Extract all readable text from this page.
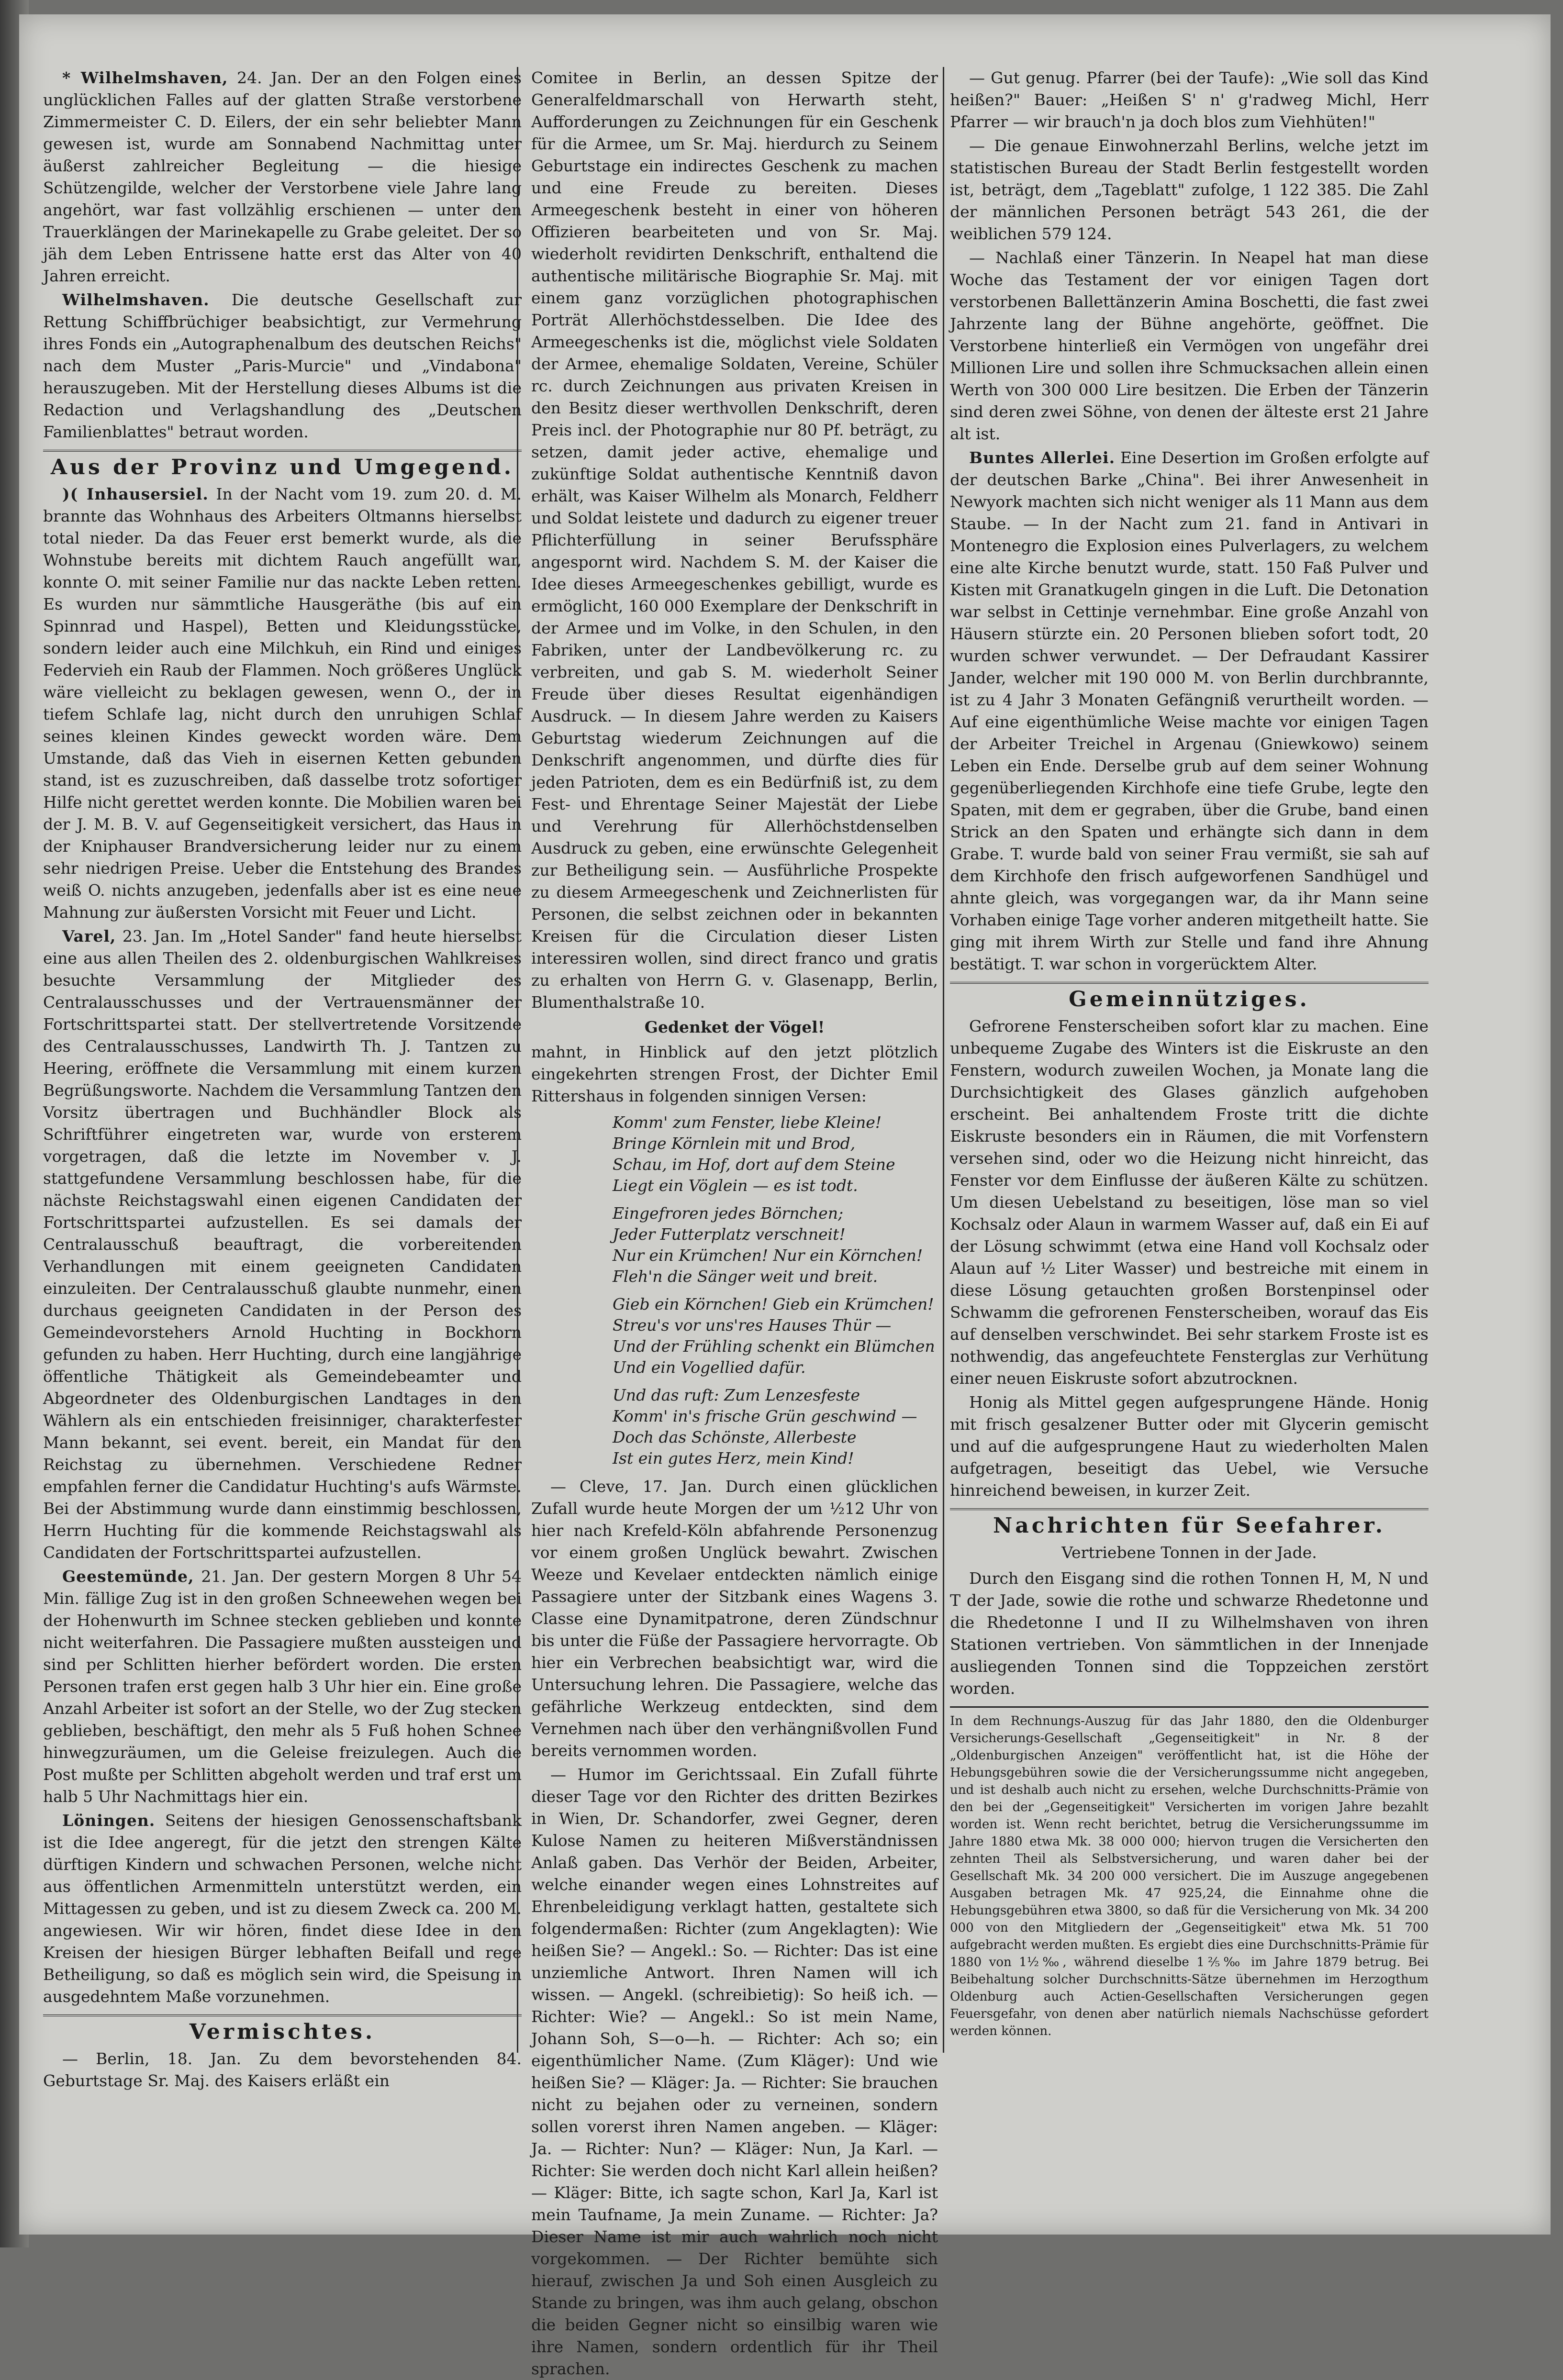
* Wilhelmshaven, 24. Jan. Der an den Folgen eines unglücklichen Falles auf der glatten Straße verstorbene Zimmermeister C. D. Eilers, der ein sehr beliebter Mann gewesen ist, wurde am Sonnabend Nachmittag unter äußerst zahlreicher Begleitung — die hiesige Schützengilde, welcher der Verstorbene viele Jahre lang angehört, war fast vollzählig erschienen — unter den Trauerklängen der Marinekapelle zu Grabe geleitet. Der so jäh dem Leben Entrissene hatte erst das Alter von 40 Jahren erreicht.

Wilhelmshaven. Die deutsche Gesellschaft zur Rettung Schiffbrüchiger beabsichtigt, zur Vermehrung ihres Fonds ein „Autographenalbum des deutschen Reichs" nach dem Muster „Paris-Murcie" und „Vindabona" herauszugeben. Mit der Herstellung dieses Albums ist die Redaction und Verlagshandlung des „Deutschen Familienblattes" betraut worden.

Aus der Provinz und Umgegend.

)( Inhausersiel. In der Nacht vom 19. zum 20. d. M. brannte das Wohnhaus des Arbeiters Oltmanns hierselbst total nieder. Da das Feuer erst bemerkt wurde, als die Wohnstube bereits mit dichtem Rauch angefüllt war, konnte O. mit seiner Familie nur das nackte Leben retten. Es wurden nur sämmtliche Hausgeräthe (bis auf ein Spinnrad und Haspel), Betten und Kleidungsstücke, sondern leider auch eine Milchkuh, ein Rind und einiges Federvieh ein Raub der Flammen. Noch größeres Unglück wäre vielleicht zu beklagen gewesen, wenn O., der in tiefem Schlafe lag, nicht durch den unruhigen Schlaf seines kleinen Kindes geweckt worden wäre. Dem Umstande, daß das Vieh in eisernen Ketten gebunden stand, ist es zuzuschreiben, daß dasselbe trotz sofortiger Hilfe nicht gerettet werden konnte. Die Mobilien waren bei der J. M. B. V. auf Gegenseitigkeit versichert, das Haus in der Kniphauser Brandversicherung leider nur zu einem sehr niedrigen Preise. Ueber die Entstehung des Brandes weiß O. nichts anzugeben, jedenfalls aber ist es eine neue Mahnung zur äußersten Vorsicht mit Feuer und Licht.

Varel, 23. Jan. Im „Hotel Sander" fand heute hierselbst eine aus allen Theilen des 2. oldenburgischen Wahlkreises besuchte Versammlung der Mitglieder des Centralausschusses und der Vertrauensmänner der Fortschrittspartei statt. Der stellvertretende Vorsitzende des Centralausschusses, Landwirth Th. J. Tantzen zu Heering, eröffnete die Versammlung mit einem kurzen Begrüßungsworte. Nachdem die Versammlung Tantzen den Vorsitz übertragen und Buchhändler Block als Schriftführer eingetreten war, wurde von ersterem vorgetragen, daß die letzte im November v. J. stattgefundene Versammlung beschlossen habe, für die nächste Reichstagswahl einen eigenen Candidaten der Fortschrittspartei aufzustellen. Es sei damals der Centralausschuß beauftragt, die vorbereitenden Verhandlungen mit einem geeigneten Candidaten einzuleiten. Der Centralausschuß glaubte nunmehr, einen durchaus geeigneten Candidaten in der Person des Gemeindevorstehers Arnold Huchting in Bockhorn gefunden zu haben. Herr Huchting, durch eine langjährige öffentliche Thätigkeit als Gemeindebeamter und Abgeordneter des Oldenburgischen Landtages in den Wählern als ein entschieden freisinniger, charakterfester Mann bekannt, sei event. bereit, ein Mandat für den Reichstag zu übernehmen. Verschiedene Redner empfahlen ferner die Candidatur Huchting's aufs Wärmste. Bei der Abstimmung wurde dann einstimmig beschlossen, Herrn Huchting für die kommende Reichstagswahl als Candidaten der Fortschrittspartei aufzustellen.

Geestemünde, 21. Jan. Der gestern Morgen 8 Uhr 54 Min. fällige Zug ist in den großen Schneewehen wegen bei der Hohenwurth im Schnee stecken geblieben und konnte nicht weiterfahren. Die Passagiere mußten aussteigen und sind per Schlitten hierher befördert worden. Die ersten Personen trafen erst gegen halb 3 Uhr hier ein. Eine große Anzahl Arbeiter ist sofort an der Stelle, wo der Zug stecken geblieben, beschäftigt, den mehr als 5 Fuß hohen Schnee hinwegzuräumen, um die Geleise freizulegen. Auch die Post mußte per Schlitten abgeholt werden und traf erst um halb 5 Uhr Nachmittags hier ein.

Löningen. Seitens der hiesigen Genossenschaftsbank ist die Idee angeregt, für die jetzt den strengen Kälte dürftigen Kindern und schwachen Personen, welche nicht aus öffentlichen Armenmitteln unterstützt werden, ein Mittagessen zu geben, und ist zu diesem Zweck ca. 200 M. angewiesen. Wir wir hören, findet diese Idee in den Kreisen der hiesigen Bürger lebhaften Beifall und rege Betheiligung, so daß es möglich sein wird, die Speisung in ausgedehntem Maße vorzunehmen.

Vermischtes.

— Berlin, 18. Jan. Zu dem bevorstehenden 84. Geburtstage Sr. Maj. des Kaisers erläßt ein

Comitee in Berlin, an dessen Spitze der Generalfeldmarschall von Herwarth steht, Aufforderungen zu Zeichnungen für ein Geschenk für die Armee, um Sr. Maj. hierdurch zu Seinem Geburtstage ein indirectes Geschenk zu machen und eine Freude zu bereiten. Dieses Armeegeschenk besteht in einer von höheren Offizieren bearbeiteten und von Sr. Maj. wiederholt revidirten Denkschrift, enthaltend die authentische militärische Biographie Sr. Maj. mit einem ganz vorzüglichen photographischen Porträt Allerhöchstdesselben. Die Idee des Armeegeschenks ist die, möglichst viele Soldaten der Armee, ehemalige Soldaten, Vereine, Schüler rc. durch Zeichnungen aus privaten Kreisen in den Besitz dieser werthvollen Denkschrift, deren Preis incl. der Photographie nur 80 Pf. beträgt, zu setzen, damit jeder active, ehemalige und zukünftige Soldat authentische Kenntniß davon erhält, was Kaiser Wilhelm als Monarch, Feldherr und Soldat leistete und dadurch zu eigener treuer Pflichterfüllung in seiner Berufssphäre angespornt wird. Nachdem S. M. der Kaiser die Idee dieses Armeegeschenkes gebilligt, wurde es ermöglicht, 160 000 Exemplare der Denkschrift in der Armee und im Volke, in den Schulen, in den Fabriken, unter der Landbevölkerung rc. zu verbreiten, und gab S. M. wiederholt Seiner Freude über dieses Resultat eigenhändigen Ausdruck. — In diesem Jahre werden zu Kaisers Geburtstag wiederum Zeichnungen auf die Denkschrift angenommen, und dürfte dies für jeden Patrioten, dem es ein Bedürfniß ist, zu dem Fest- und Ehrentage Seiner Majestät der Liebe und Verehrung für Allerhöchstdenselben Ausdruck zu geben, eine erwünschte Gelegenheit zur Betheiligung sein. — Ausführliche Prospekte zu diesem Armeegeschenk und Zeichnerlisten für Personen, die selbst zeichnen oder in bekannten Kreisen für die Circulation dieser Listen interessiren wollen, sind direct franco und gratis zu erhalten von Herrn G. v. Glasenapp, Berlin, Blumenthalstraße 10.

Gedenket der Vögel!

mahnt, in Hinblick auf den jetzt plötzlich eingekehrten strengen Frost, der Dichter Emil Rittershaus in folgenden sinnigen Versen:

Komm' zum Fenster, liebe Kleine!
Bringe Körnlein mit und Brod,
Schau, im Hof, dort auf dem Steine
Liegt ein Vöglein — es ist todt.
Eingefroren jedes Börnchen;
Jeder Futterplatz verschneit!
Nur ein Krümchen! Nur ein Körnchen!
Fleh'n die Sänger weit und breit.
Gieb ein Körnchen! Gieb ein Krümchen!
Streu's vor uns'res Hauses Thür —
Und der Frühling schenkt ein Blümchen
Und ein Vogellied dafür.
Und das ruft: Zum Lenzesfeste
Komm' in's frische Grün geschwind —
Doch das Schönste, Allerbeste
Ist ein gutes Herz, mein Kind!

— Cleve, 17. Jan. Durch einen glücklichen Zufall wurde heute Morgen der um ½12 Uhr von hier nach Krefeld-Köln abfahrende Personenzug vor einem großen Unglück bewahrt. Zwischen Weeze und Kevelaer entdeckten nämlich einige Passagiere unter der Sitzbank eines Wagens 3. Classe eine Dynamitpatrone, deren Zündschnur bis unter die Füße der Passagiere hervorragte. Ob hier ein Verbrechen beabsichtigt war, wird die Untersuchung lehren. Die Passagiere, welche das gefährliche Werkzeug entdeckten, sind dem Vernehmen nach über den verhängnißvollen Fund bereits vernommen worden.

— Humor im Gerichtssaal. Ein Zufall führte dieser Tage vor den Richter des dritten Bezirkes in Wien, Dr. Schandorfer, zwei Gegner, deren Kulose Namen zu heiteren Mißverständnissen Anlaß gaben. Das Verhör der Beiden, Arbeiter, welche einander wegen eines Lohnstreites auf Ehrenbeleidigung verklagt hatten, gestaltete sich folgendermaßen: Richter (zum Angeklagten): Wie heißen Sie? — Angekl.: So. — Richter: Das ist eine unziemliche Antwort. Ihren Namen will ich wissen. — Angekl. (schreibietig): So heiß ich. — Richter: Wie? — Angekl.: So ist mein Name, Johann Soh, S—o—h. — Richter: Ach so; ein eigenthümlicher Name. (Zum Kläger): Und wie heißen Sie? — Kläger: Ja. — Richter: Sie brauchen nicht zu bejahen oder zu verneinen, sondern sollen vorerst ihren Namen angeben. — Kläger: Ja. — Richter: Nun? — Kläger: Nun, Ja Karl. — Richter: Sie werden doch nicht Karl allein heißen? — Kläger: Bitte, ich sagte schon, Karl Ja, Karl ist mein Taufname, Ja mein Zuname. — Richter: Ja? Dieser Name ist mir auch wahrlich noch nicht vorgekommen. — Der Richter bemühte sich hierauf, zwischen Ja und Soh einen Ausgleich zu Stande zu bringen, was ihm auch gelang, obschon die beiden Gegner nicht so einsilbig waren wie ihre Namen, sondern ordentlich für ihr Theil sprachen.

— Gut genug. Pfarrer (bei der Taufe): „Wie soll das Kind heißen?" Bauer: „Heißen S' n' g'radweg Michl, Herr Pfarrer — wir brauch'n ja doch blos zum Viehhüten!"

— Die genaue Einwohnerzahl Berlins, welche jetzt im statistischen Bureau der Stadt Berlin festgestellt worden ist, beträgt, dem „Tageblatt" zufolge, 1 122 385. Die Zahl der männlichen Personen beträgt 543 261, die der weiblichen 579 124.

— Nachlaß einer Tänzerin. In Neapel hat man diese Woche das Testament der vor einigen Tagen dort verstorbenen Ballettänzerin Amina Boschetti, die fast zwei Jahrzente lang der Bühne angehörte, geöffnet. Die Verstorbene hinterließ ein Vermögen von ungefähr drei Millionen Lire und sollen ihre Schmucksachen allein einen Werth von 300 000 Lire besitzen. Die Erben der Tänzerin sind deren zwei Söhne, von denen der älteste erst 21 Jahre alt ist.

Buntes Allerlei. Eine Desertion im Großen erfolgte auf der deutschen Barke „China". Bei ihrer Anwesenheit in Newyork machten sich nicht weniger als 11 Mann aus dem Staube. — In der Nacht zum 21. fand in Antivari in Montenegro die Explosion eines Pulverlagers, zu welchem eine alte Kirche benutzt wurde, statt. 150 Faß Pulver und Kisten mit Granatkugeln gingen in die Luft. Die Detonation war selbst in Cettinje vernehmbar. Eine große Anzahl von Häusern stürzte ein. 20 Personen blieben sofort todt, 20 wurden schwer verwundet. — Der Defraudant Kassirer Jander, welcher mit 190 000 M. von Berlin durchbrannte, ist zu 4 Jahr 3 Monaten Gefängniß verurtheilt worden. — Auf eine eigenthümliche Weise machte vor einigen Tagen der Arbeiter Treichel in Argenau (Gniewkowo) seinem Leben ein Ende. Derselbe grub auf dem seiner Wohnung gegenüberliegenden Kirchhofe eine tiefe Grube, legte den Spaten, mit dem er gegraben, über die Grube, band einen Strick an den Spaten und erhängte sich dann in dem Grabe. T. wurde bald von seiner Frau vermißt, sie sah auf dem Kirchhofe den frisch aufgeworfenen Sandhügel und ahnte gleich, was vorgegangen war, da ihr Mann seine Vorhaben einige Tage vorher anderen mitgetheilt hatte. Sie ging mit ihrem Wirth zur Stelle und fand ihre Ahnung bestätigt. T. war schon in vorgerücktem Alter.

Gemeinnütziges.

Gefrorene Fensterscheiben sofort klar zu machen. Eine unbequeme Zugabe des Winters ist die Eiskruste an den Fenstern, wodurch zuweilen Wochen, ja Monate lang die Durchsichtigkeit des Glases gänzlich aufgehoben erscheint. Bei anhaltendem Froste tritt die dichte Eiskruste besonders ein in Räumen, die mit Vorfenstern versehen sind, oder wo die Heizung nicht hinreicht, das Fenster vor dem Einflusse der äußeren Kälte zu schützen. Um diesen Uebelstand zu beseitigen, löse man so viel Kochsalz oder Alaun in warmem Wasser auf, daß ein Ei auf der Lösung schwimmt (etwa eine Hand voll Kochsalz oder Alaun auf ½ Liter Wasser) und bestreiche mit einem in diese Lösung getauchten großen Borstenpinsel oder Schwamm die gefrorenen Fensterscheiben, worauf das Eis auf denselben verschwindet. Bei sehr starkem Froste ist es nothwendig, das angefeuchtete Fensterglas zur Verhütung einer neuen Eiskruste sofort abzutrocknen.

Honig als Mittel gegen aufgesprungene Hände. Honig mit frisch gesalzener Butter oder mit Glycerin gemischt und auf die aufgesprungene Haut zu wiederholten Malen aufgetragen, beseitigt das Uebel, wie Versuche hinreichend beweisen, in kurzer Zeit.

Nachrichten für Seefahrer.
Vertriebene Tonnen in der Jade.

Durch den Eisgang sind die rothen Tonnen H, M, N und T der Jade, sowie die rothe und schwarze Rhedetonne und die Rhedetonne I und II zu Wilhelmshaven von ihren Stationen vertrieben. Von sämmtlichen in der Innenjade ausliegenden Tonnen sind die Toppzeichen zerstört worden.

In dem Rechnungs-Auszug für das Jahr 1880, den die Oldenburger Versicherungs-Gesellschaft „Gegenseitigkeit" in Nr. 8 der „Oldenburgischen Anzeigen" veröffentlicht hat, ist die Höhe der Hebungsgebühren sowie die der Versicherungssumme nicht angegeben, und ist deshalb auch nicht zu ersehen, welche Durchschnitts-Prämie von den bei der „Gegenseitigkeit" Versicherten im vorigen Jahre bezahlt worden ist. Wenn recht berichtet, betrug die Versicherungssumme im Jahre 1880 etwa Mk. 38 000 000; hiervon trugen die Versicherten den zehnten Theil als Selbstversicherung, und waren daher bei der Gesellschaft Mk. 34 200 000 versichert. Die im Auszuge angegebenen Ausgaben betragen Mk. 47 925,24, die Einnahme ohne die Hebungsgebühren etwa 3800, so daß für die Versicherung von Mk. 34 200 000 von den Mitgliedern der „Gegenseitigkeit" etwa Mk. 51 700 aufgebracht werden mußten. Es ergiebt dies eine Durchschnitts-Prämie für 1880 von 1½‰, während dieselbe 1⅖‰ im Jahre 1879 betrug. Bei Beibehaltung solcher Durchschnitts-Sätze übernehmen im Herzogthum Oldenburg auch Actien-Gesellschaften Versicherungen gegen Feuersgefahr, von denen aber natürlich niemals Nachschüsse gefordert werden können.
